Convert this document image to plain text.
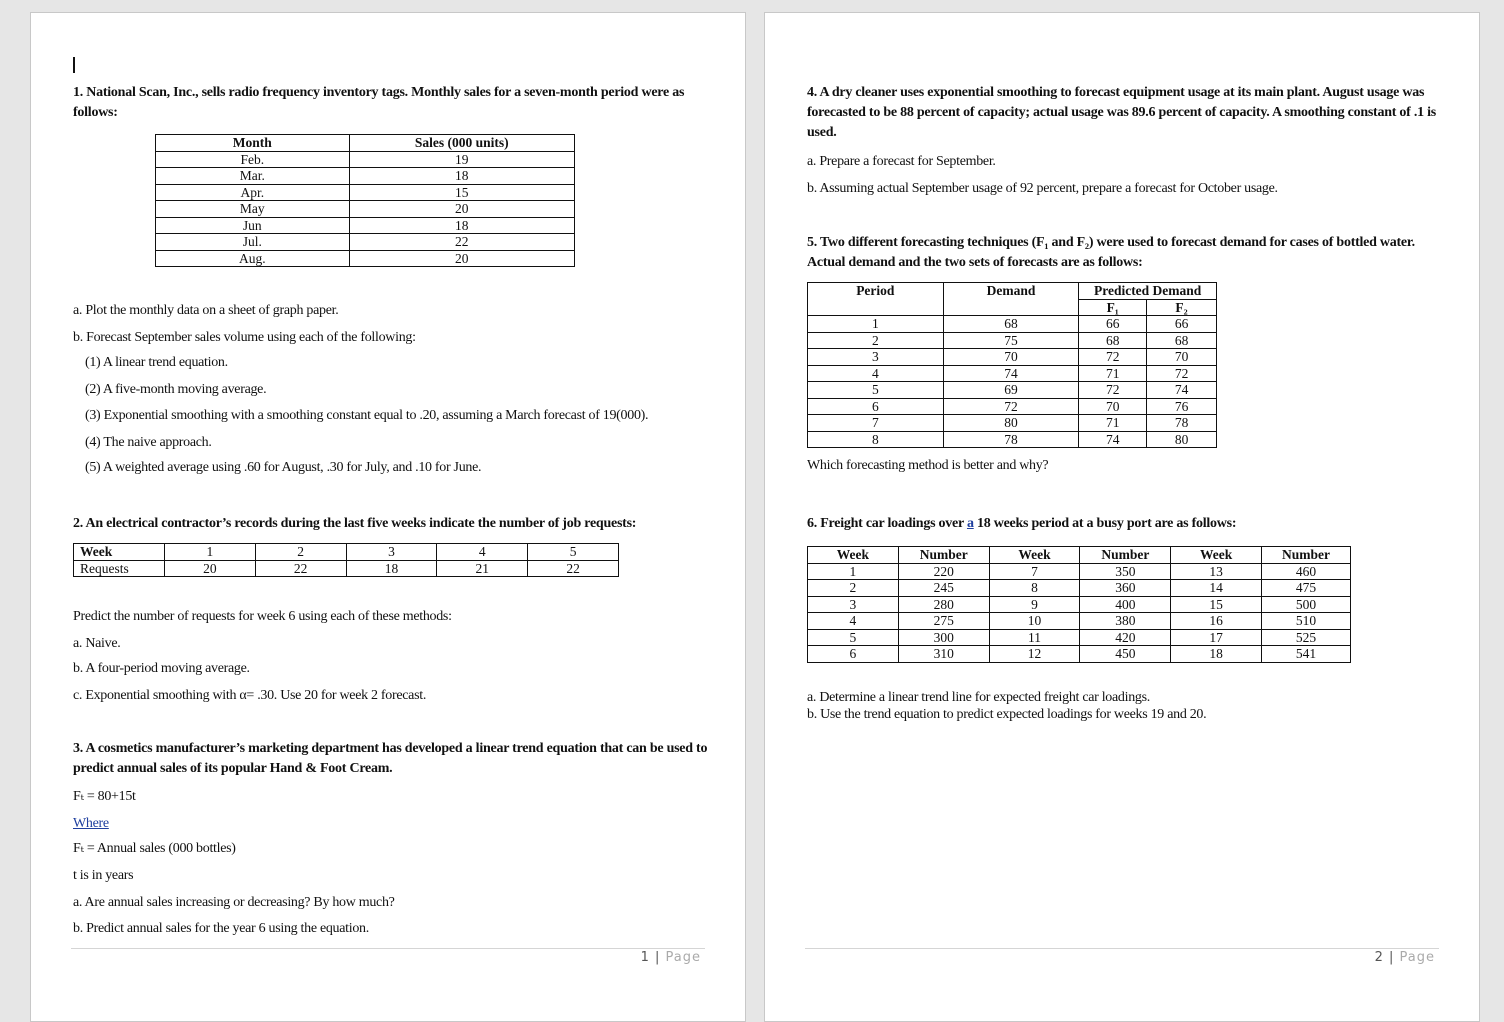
1. National Scan, Inc., sells radio frequency inventory tags. Monthly sales for a seven-month period were as follows:
Month	Sales (000 units)
Feb.	19
Mar.	18
Apr.	15
May	20
Jun	18
Jul.	22
Aug.	20
a. Plot the monthly data on a sheet of graph paper.
b. Forecast September sales volume using each of the following:
(1) A linear trend equation.
(2) A five-month moving average.
(3) Exponential smoothing with a smoothing constant equal to .20, assuming a March forecast of 19(000).
(4) The naive approach.
(5) A weighted average using .60 for August, .30 for July, and .10 for June.
2. An electrical contractor’s records during the last five weeks indicate the number of job requests:
Week	1	2	3	4	5
Requests	20	22	18	21	22
Predict the number of requests for week 6 using each of these methods:
a. Naive.
b. A four-period moving average.
c. Exponential smoothing with α= .30. Use 20 for week 2 forecast.
3. A cosmetics manufacturer’s marketing department has developed a linear trend equation that can be used to predict annual sales of its popular Hand & Foot Cream.
Fₜ = 80+15t
Where
Fₜ = Annual sales (000 bottles)
t is in years
a. Are annual sales increasing or decreasing? By how much?
b. Predict annual sales for the year 6 using the equation.
1 | Page
4. A dry cleaner uses exponential smoothing to forecast equipment usage at its main plant. August usage was forecasted to be 88 percent of capacity; actual usage was 89.6 percent of capacity. A smoothing constant of .1 is used.
a. Prepare a forecast for September.
b. Assuming actual September usage of 92 percent, prepare a forecast for October usage.
5. Two different forecasting techniques (F₁ and F₂) were used to forecast demand for cases of bottled water. Actual demand and the two sets of forecasts are as follows:
Period	Demand	Predicted Demand	
		F₁	F₂
1	68	66	66
2	75	68	68
3	70	72	70
4	74	71	72
5	69	72	74
6	72	70	76
7	80	71	78
8	78	74	80
Which forecasting method is better and why?
6. Freight car loadings over a 18 weeks period at a busy port are as follows:
Week	Number	Week	Number	Week	Number
1	220	7	350	13	460
2	245	8	360	14	475
3	280	9	400	15	500
4	275	10	380	16	510
5	300	11	420	17	525
6	310	12	450	18	541
a. Determine a linear trend line for expected freight car loadings.
b. Use the trend equation to predict expected loadings for weeks 19 and 20.
2 | Page
